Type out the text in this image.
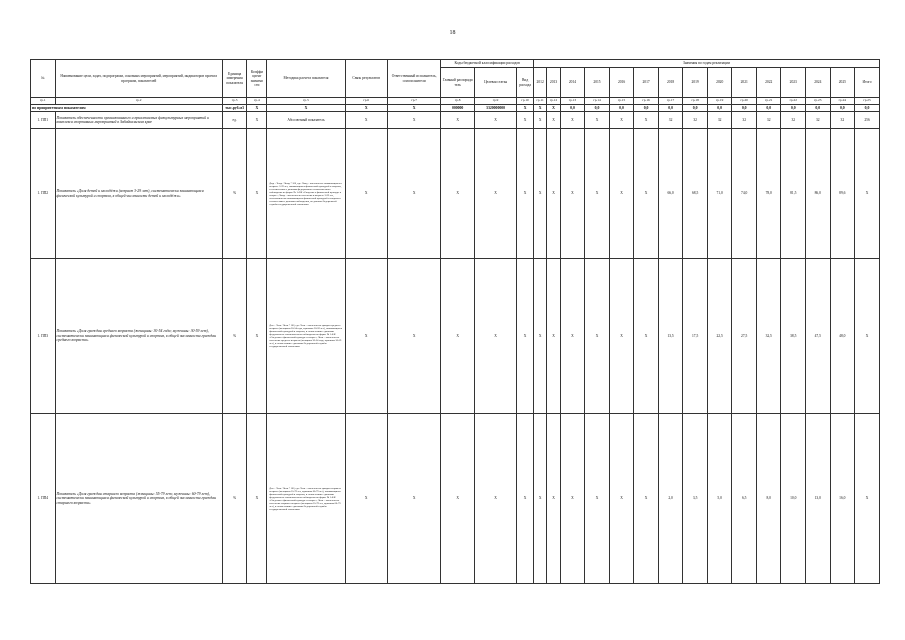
18
№	Наименование цели, задач, подпрограмм, основных мероприятий, мероприятий, индикаторов проекта программ, показателей	Единица измерения показателя	Коэффи циент значимо сти	Методика расчета показателя	Связь результатов	Ответственный исполнитель, соисполнители	Коды бюджетной классификации расходов			Значения по годам реализации														
							Главный распоряди тель	Целевая статья	Вид расхода	2012	2013	2014	2015	2016	2017	2018	2019	2020	2021	2022	2023	2024	2025	Итого
гр.1	гр.2	гр.3	гр.4	гр.5	гр.6	гр.7	гр.8	гр.9	гр.10	гр.11	гр.12	гр.13	гр.14	гр.15	гр.16	гр.17	гр.18	гр.19	гр.20	гр.21	гр.22	гр.23	гр.24	гр.25
по приоритетным показателям		тыс.руб.м3	X	X	X	X	000000	3320000000	X	X	X	0,0	0,0	0,0	0,0	0,0	0,0	0,0	0,0	0,0	0,0	0,0	0,0	0,0
1. ПП1	Показатель обеспеченности организованного и привлекаемых физкультурных мероприятий и комплекса спортивных мероприятий в Забайкальском крае	ед.	X	Абсолютный показатель	X	X	X	X	X	X	X	X	X	X	X	32	32	32	32	32	32	32	32	256
1. ПП2	Показатель «Доля детей и молодёжи (возраст 3-29 лет), систематически занимающихся физической культурой и спортом, в общей численности детей и молодёжи»	%	X	Дмд = Чзмд / Чнмд * 100, где: Чзмд – численность занимающихся в возрасте 3-29 лет, занимающихся физической культурой и спортом, в соответствии с данными федерального статистического наблюдения по форме № 1-ФК «Сведения о физической культуре и спорте»; Чнмд – численность населения в возрасте 3-29 лет, систематически занимающихся физической культурой и спортом в соответствии с данными наблюдения, по данным Федеральной службы государственной статистики	X	X	X	X	X	X	X	X	X	X	X	66,0	68,5	71,0	74,0	78,0	81,5	86,0	89,6	X
1. ПП3	Показатель «Доля граждан среднего возраста (женщины: 30-54 года; мужчины: 30-59 лет), систематически занимающихся физической культурой и спортом, в общей численности граждан среднего возраста»	%	X	Дсв = Чзсв / Чнсв * 100, где: Чзсв – численность граждан среднего возраста (женщины 30-54 года, мужчины 30-59 лет), занимающихся физической культурой и спортом, в соответствии с данными федерального статистического наблюдения по форме № 1-ФК «Сведения о физической культуре и спорте»; Чнсв – численность населения среднего возраста (женщины 30-54 года, мужчины 30-59 лет), в соответствии с данными Федеральной службы государственной статистики	X	X	X	X	X	X	X	X	X	X	X	13,5	17,5	22,5	27,5	32,5	38,5	47,5	48,0	X
1. ПП4	Показатель «Доля граждан старшего возраста (женщины: 55-79 лет; мужчины: 60-79 лет), систематически занимающихся физической культурой и спортом, в общей численности граждан старшего возраста»	%	X	Дсв = Чзсв / Чнсв * 100, где: Чзсв – численность граждан старшего возраста (женщины 55-79 лет, мужчины 60-79 лет), занимающихся физической культурой и спортом, в соответствии с данными федерального статистического наблюдения по форме № 1-ФК «Сведения о физической культуре и спорте»; Чнсв – численность населения старшего возраста (женщины 55-79 лет, мужчины 60-79 лет), в соответствии с данными Федеральной службы государственной статистики	X	X	X	X	X	X	X	X	X	X	X	2,0	3,5	5,0	6,5	8,0	10,0	13,0	16,0	X
